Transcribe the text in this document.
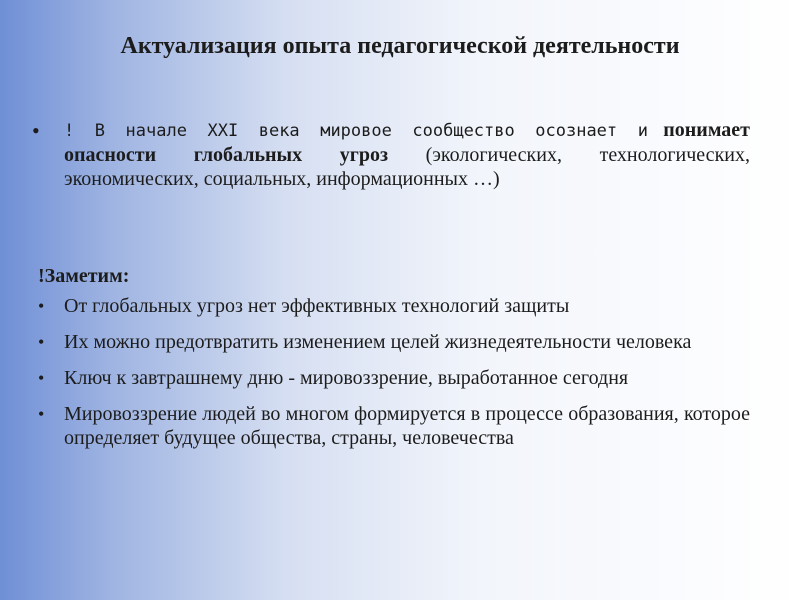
Актуализация опыта педагогической деятельности
• ! В начале XXI века мировое сообщество осознает и понимает опасности глобальных угроз (экологических, технологических, экономических, социальных, информационных …)

!Заметим:
• От глобальных угроз нет эффективных технологий защиты

• Их можно предотвратить изменением целей жизнедеятельности человека

• Ключ к завтрашнему дню - мировоззрение, выработанное сегодня

• Мировоззрение людей во многом формируется в процессе образования, которое определяет будущее общества, страны, человечества
